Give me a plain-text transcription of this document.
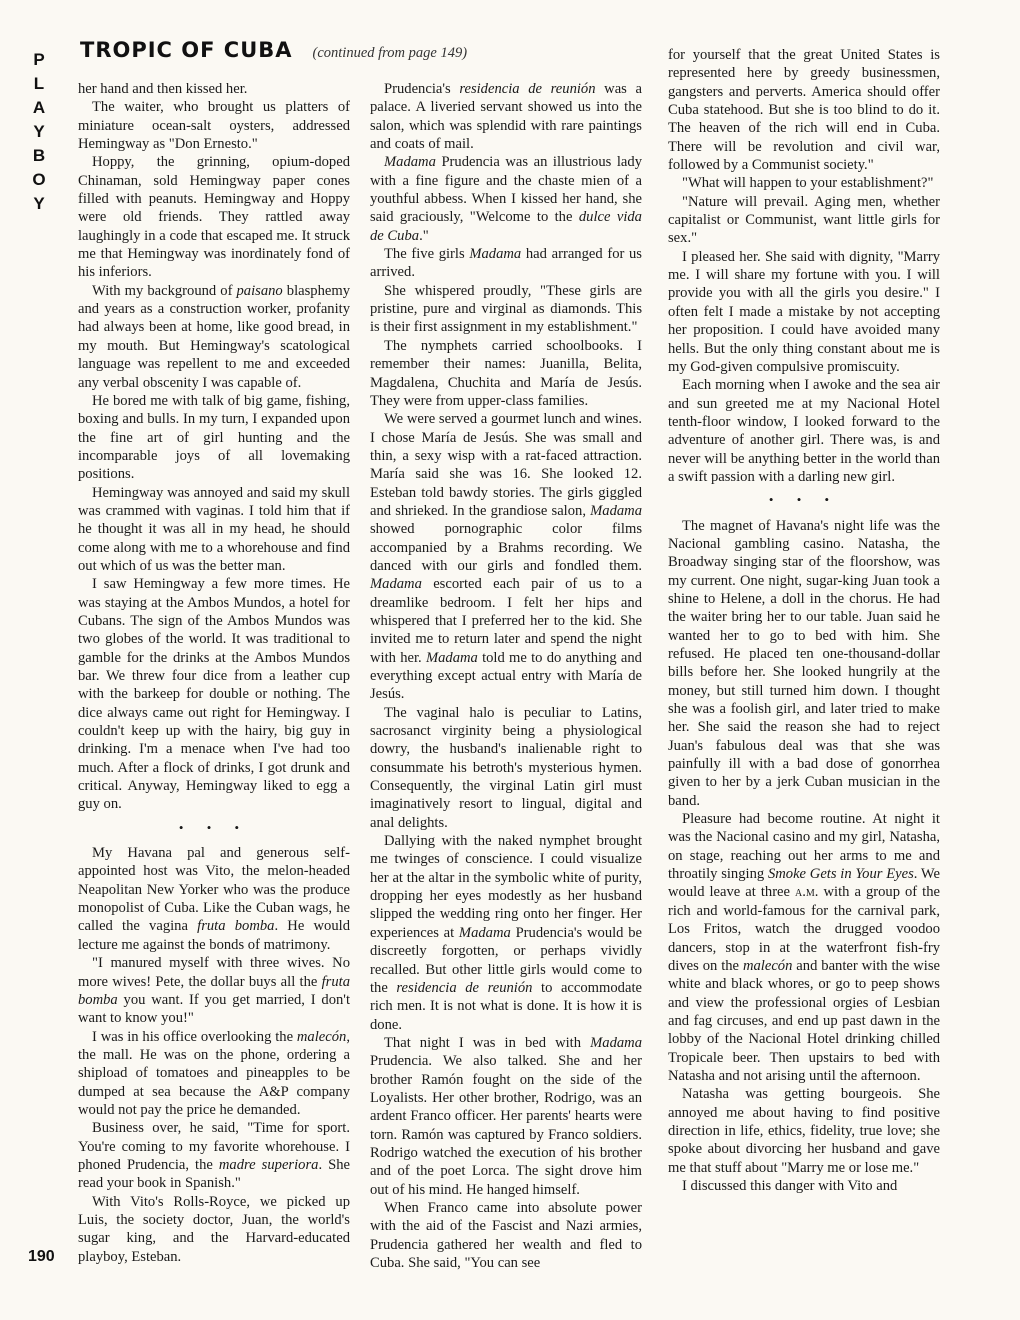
P
L
A
Y
B
O
Y
190
TROPIC OF CUBA (continued from page 149)

her hand and then kissed her.

The waiter, who brought us platters of miniature ocean-salt oysters, addressed Hemingway as "Don Ernesto."

Hoppy, the grinning, opium-doped Chinaman, sold Hemingway paper cones filled with peanuts. Hemingway and Hoppy were old friends. They rattled away laughingly in a code that escaped me. It struck me that Hemingway was inordinately fond of his inferiors.

With my background of paisano blasphemy and years as a construction worker, profanity had always been at home, like good bread, in my mouth. But Hemingway's scatological language was repellent to me and exceeded any verbal obscenity I was capable of.

He bored me with talk of big game, fishing, boxing and bulls. In my turn, I expanded upon the fine art of girl hunting and the incomparable joys of all lovemaking positions.

Hemingway was annoyed and said my skull was crammed with vaginas. I told him that if he thought it was all in my head, he should come along with me to a whorehouse and find out which of us was the better man.

I saw Hemingway a few more times. He was staying at the Ambos Mundos, a hotel for Cubans. The sign of the Ambos Mundos was two globes of the world. It was traditional to gamble for the drinks at the Ambos Mundos bar. We threw four dice from a leather cup with the barkeep for double or nothing. The dice always came out right for Hemingway. I couldn't keep up with the hairy, big guy in drinking. I'm a menace when I've had too much. After a flock of drinks, I got drunk and critical. Anyway, Hemingway liked to egg a guy on.

• • •

My Havana pal and generous self-appointed host was Vito, the melon-headed Neapolitan New Yorker who was the produce monopolist of Cuba. Like the Cuban wags, he called the vagina fruta bomba. He would lecture me against the bonds of matrimony.

"I manured myself with three wives. No more wives! Pete, the dollar buys all the fruta bomba you want. If you get married, I don't want to know you!"

I was in his office overlooking the malecón, the mall. He was on the phone, ordering a shipload of tomatoes and pineapples to be dumped at sea because the A&P company would not pay the price he demanded.

Business over, he said, "Time for sport. You're coming to my favorite whorehouse. I phoned Prudencia, the madre superiora. She read your book in Spanish."

With Vito's Rolls-Royce, we picked up Luis, the society doctor, Juan, the world's sugar king, and the Harvard-educated playboy, Esteban.

Prudencia's residencia de reunión was a palace. A liveried servant showed us into the salon, which was splendid with rare paintings and coats of mail.

Madama Prudencia was an illustrious lady with a fine figure and the chaste mien of a youthful abbess. When I kissed her hand, she said graciously, "Welcome to the dulce vida de Cuba."

The five girls Madama had arranged for us arrived.

She whispered proudly, "These girls are pristine, pure and virginal as diamonds. This is their first assignment in my establishment."

The nymphets carried schoolbooks. I remember their names: Juanilla, Belita, Magdalena, Chuchita and María de Jesús. They were from upper-class families.

We were served a gourmet lunch and wines. I chose María de Jesús. She was small and thin, a sexy wisp with a rat-faced attraction. María said she was 16. She looked 12. Esteban told bawdy stories. The girls giggled and shrieked. In the grandiose salon, Madama showed pornographic color films accompanied by a Brahms recording. We danced with our girls and fondled them. Madama escorted each pair of us to a dreamlike bedroom. I felt her hips and whispered that I preferred her to the kid. She invited me to return later and spend the night with her. Madama told me to do anything and everything except actual entry with María de Jesús.

The vaginal halo is peculiar to Latins, sacrosanct virginity being a physiological dowry, the husband's inalienable right to consummate his betroth's mysterious hymen. Consequently, the virginal Latin girl must imaginatively resort to lingual, digital and anal delights.

Dallying with the naked nymphet brought me twinges of conscience. I could visualize her at the altar in the symbolic white of purity, dropping her eyes modestly as her husband slipped the wedding ring onto her finger. Her experiences at Madama Prudencia's would be discreetly forgotten, or perhaps vividly recalled. But other little girls would come to the residencia de reunión to accommodate rich men. It is not what is done. It is how it is done.

That night I was in bed with Madama Prudencia. We also talked. She and her brother Ramón fought on the side of the Loyalists. Her other brother, Rodrigo, was an ardent Franco officer. Her parents' hearts were torn. Ramón was captured by Franco soldiers. Rodrigo watched the execution of his brother and of the poet Lorca. The sight drove him out of his mind. He hanged himself.

When Franco came into absolute power with the aid of the Fascist and Nazi armies, Prudencia gathered her wealth and fled to Cuba. She said, "You can see

for yourself that the great United States is represented here by greedy businessmen, gangsters and perverts. America should offer Cuba statehood. But she is too blind to do it. The heaven of the rich will end in Cuba. There will be revolution and civil war, followed by a Communist society."

"What will happen to your establishment?"

"Nature will prevail. Aging men, whether capitalist or Communist, want little girls for sex."

I pleased her. She said with dignity, "Marry me. I will share my fortune with you. I will provide you with all the girls you desire." I often felt I made a mistake by not accepting her proposition. I could have avoided many hells. But the only thing constant about me is my God-given compulsive promiscuity.

Each morning when I awoke and the sea air and sun greeted me at my Nacional Hotel tenth-floor window, I looked forward to the adventure of another girl. There was, is and never will be anything better in the world than a swift passion with a darling new girl.

• • •

The magnet of Havana's night life was the Nacional gambling casino. Natasha, the Broadway singing star of the floorshow, was my current. One night, sugar-king Juan took a shine to Helene, a doll in the chorus. He had the waiter bring her to our table. Juan said he wanted her to go to bed with him. She refused. He placed ten one-thousand-dollar bills before her. She looked hungrily at the money, but still turned him down. I thought she was a foolish girl, and later tried to make her. She said the reason she had to reject Juan's fabulous deal was that she was painfully ill with a bad dose of gonorrhea given to her by a jerk Cuban musician in the band.

Pleasure had become routine. At night it was the Nacional casino and my girl, Natasha, on stage, reaching out her arms to me and throatily singing Smoke Gets in Your Eyes. We would leave at three a.m. with a group of the rich and world-famous for the carnival park, Los Fritos, watch the drugged voodoo dancers, stop in at the waterfront fish-fry dives on the malecón and banter with the wise white and black whores, or go to peep shows and view the professional orgies of Lesbian and fag circuses, and end up past dawn in the lobby of the Nacional Hotel drinking chilled Tropicale beer. Then upstairs to bed with Natasha and not arising until the afternoon.

Natasha was getting bourgeois. She annoyed me about having to find positive direction in life, ethics, fidelity, true love; she spoke about divorcing her husband and gave me that stuff about "Marry me or lose me."

I discussed this danger with Vito and
